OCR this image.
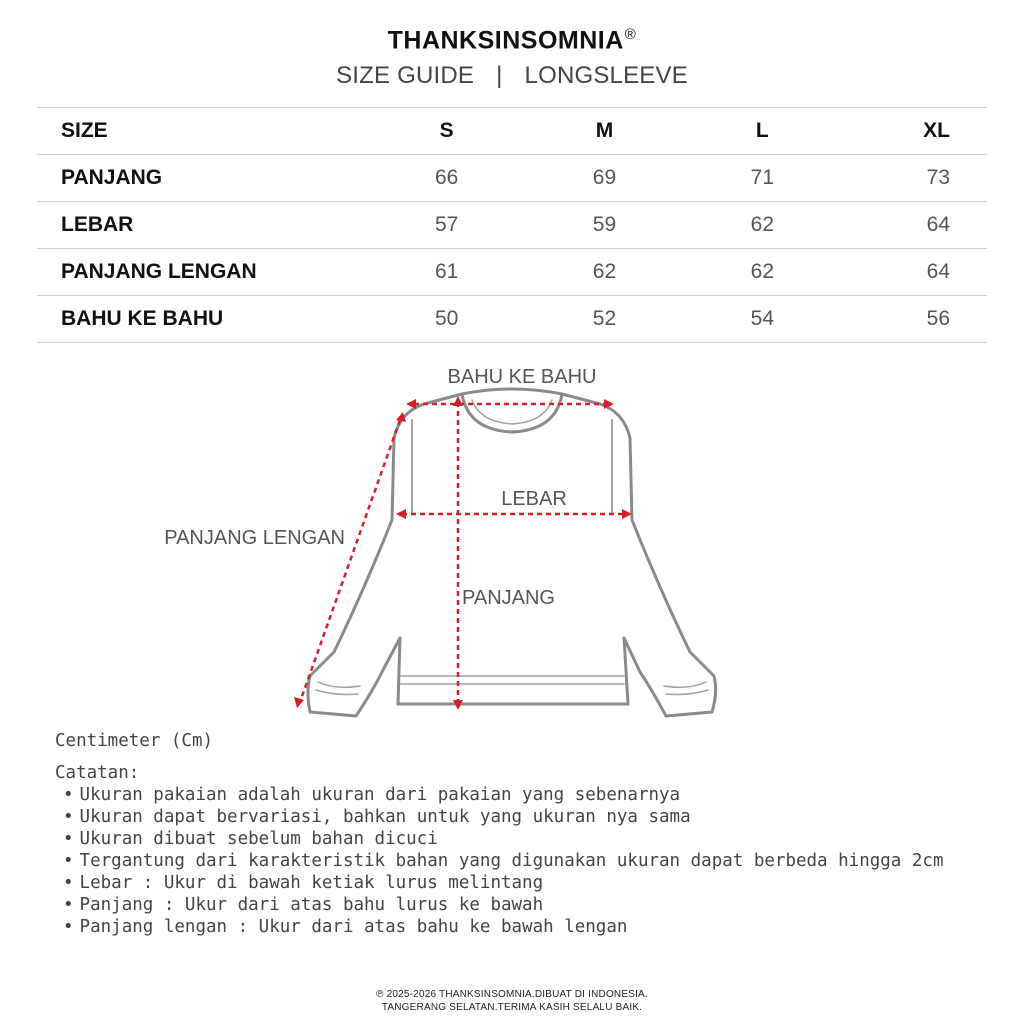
THANKSINSOMNIA®
SIZE GUIDE | LONGSLEEVE
SIZE	S	M	L	XL
PANJANG	66	69	71	73
LEBAR	57	59	62	64
PANJANG LENGAN	61	62	62	64
BAHU KE BAHU	50	52	54	56
BAHU KE BAHU
LEBAR
PANJANG LENGAN
PANJANG
Centimeter (Cm)
Catatan:
• Ukuran pakaian adalah ukuran dari pakaian yang sebenarnya
• Ukuran dapat bervariasi, bahkan untuk yang ukuran nya sama
• Ukuran dibuat sebelum bahan dicuci
• Tergantung dari karakteristik bahan yang digunakan ukuran dapat berbeda hingga 2cm
• Lebar : Ukur di bawah ketiak lurus melintang
• Panjang : Ukur dari atas bahu lurus ke bawah
• Panjang lengan : Ukur dari atas bahu ke bawah lengan
℗ 2025-2026 THANKSINSOMNIA.DIBUAT DI INDONESIA.
TANGERANG SELATAN.TERIMA KASIH SELALU BAIK.
